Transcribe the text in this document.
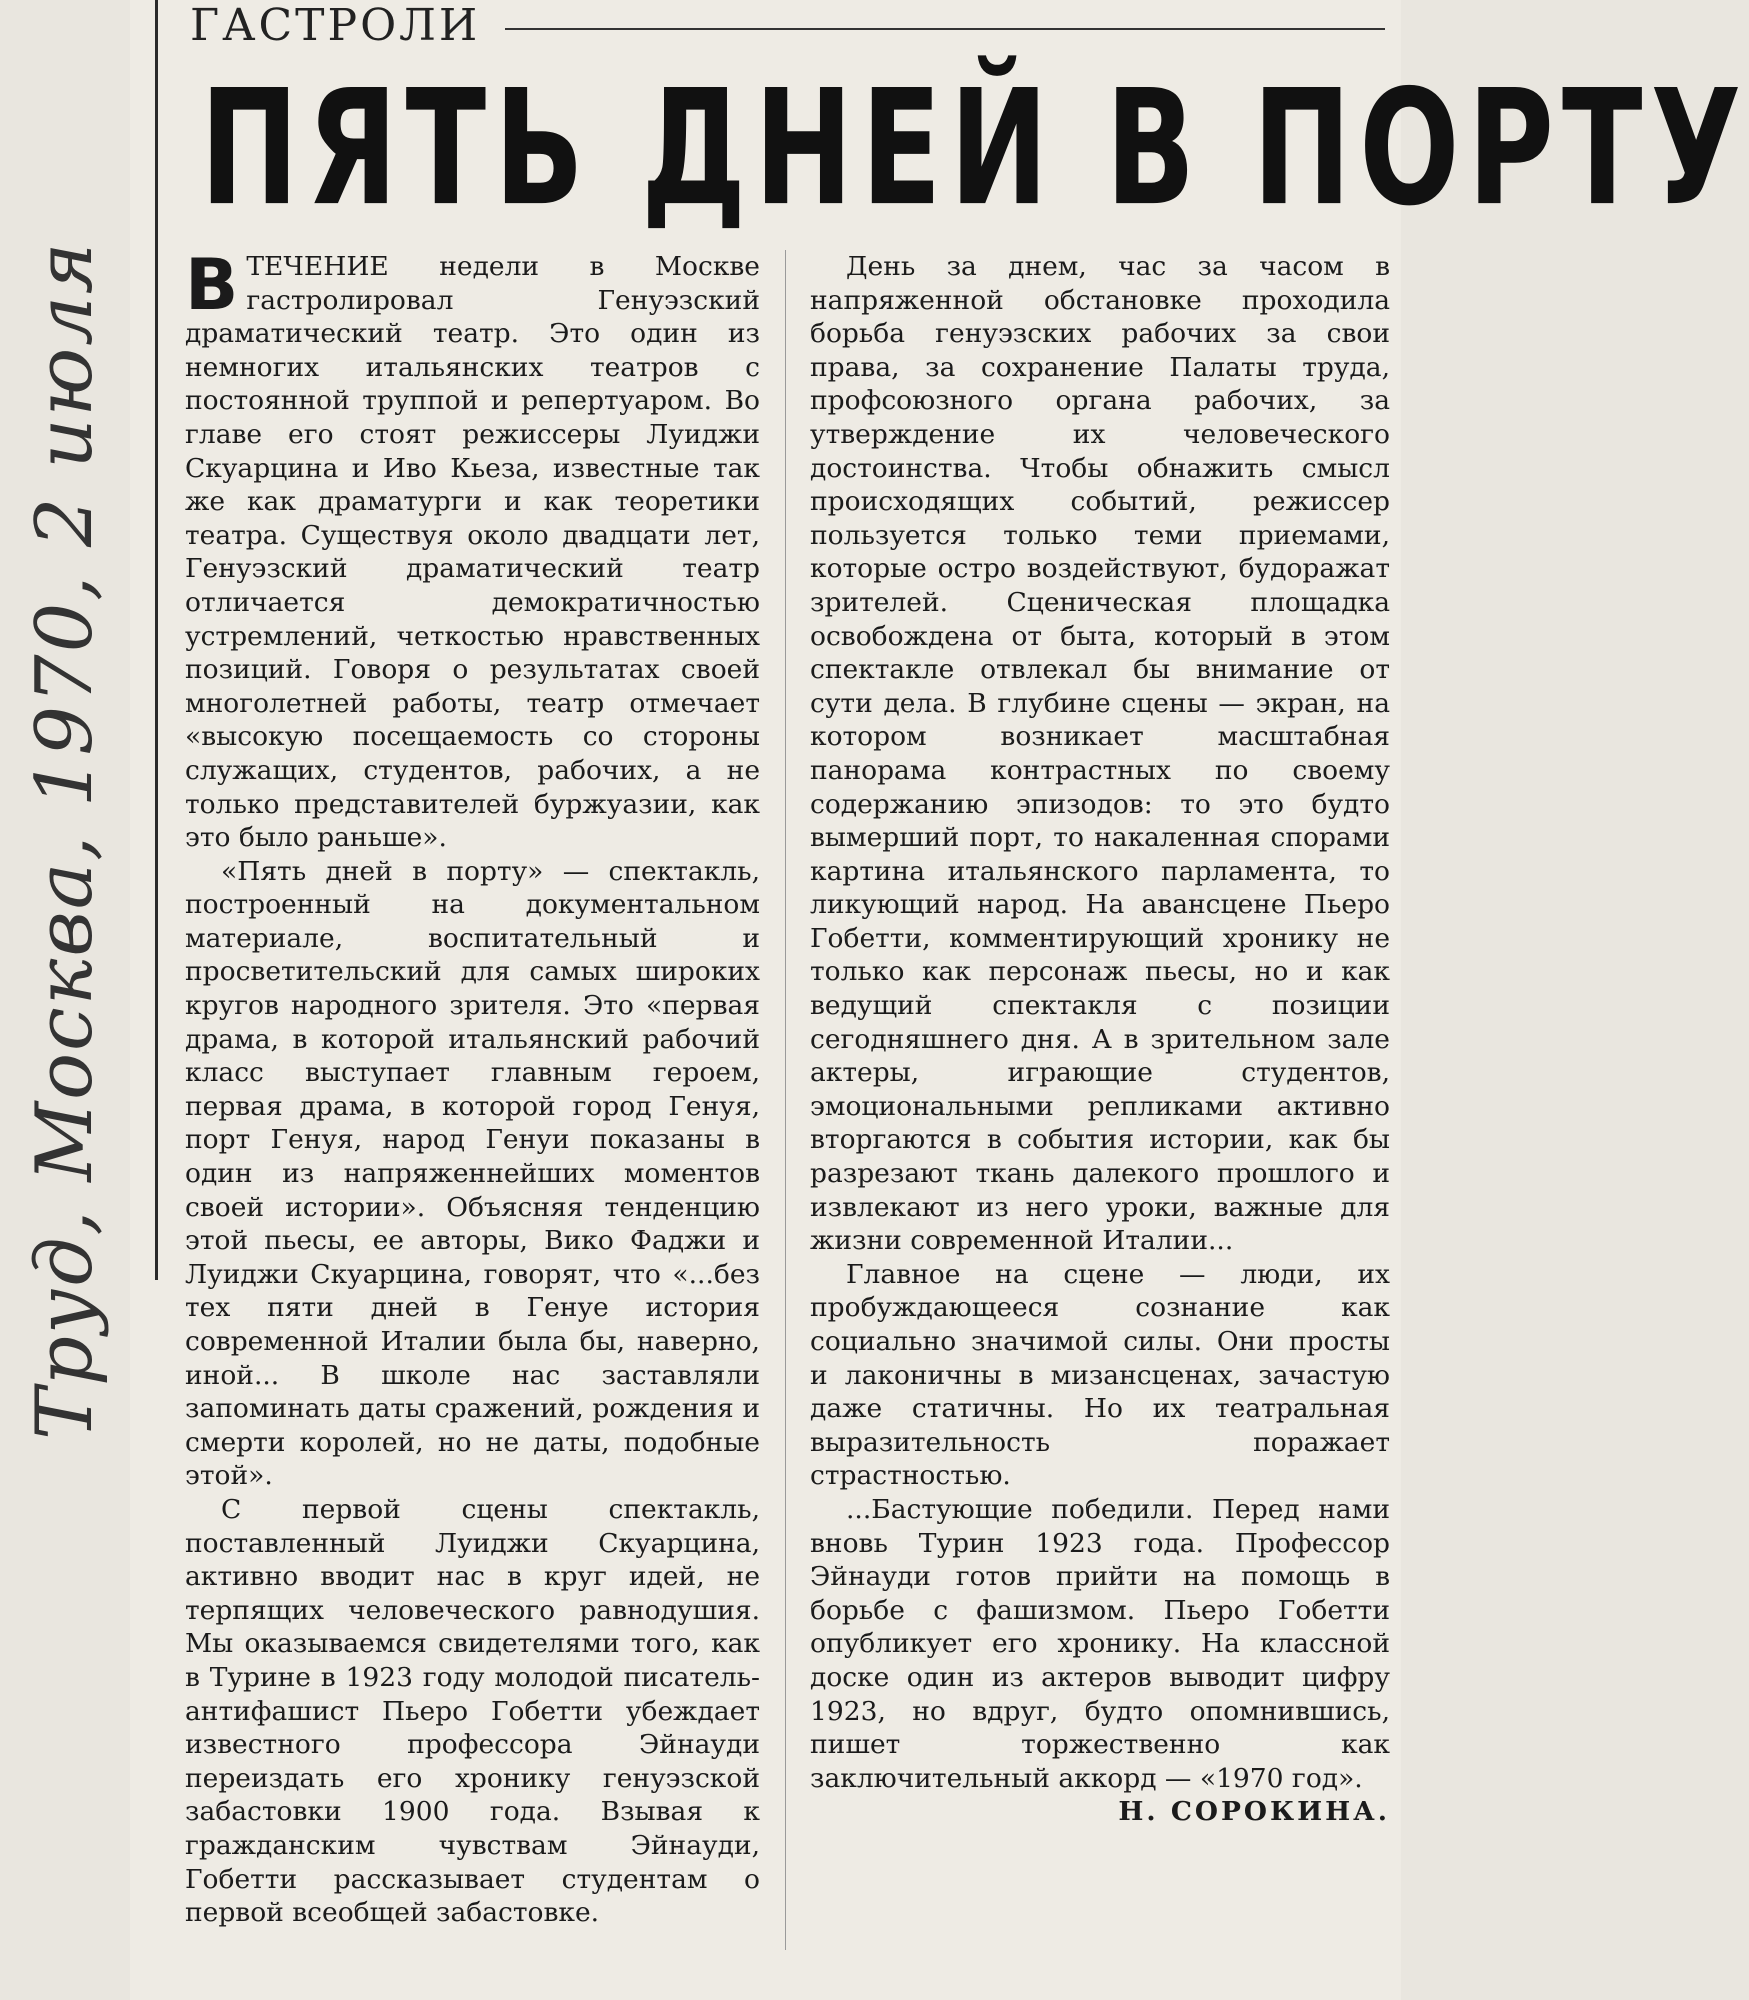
Труд, Москва, 1970, 2 июля
ГАСТРОЛИ
ПЯТЬ ДНЕЙ В ПОРТУ

ВТЕЧЕНИЕ недели в Москве гастролировал Генуэзский драматический театр. Это один из немногих итальянских театров с постоянной труппой и репертуаром. Во главе его стоят режиссеры Луиджи Скуарцина и Иво Кьеза, известные так же как драматурги и как теоретики театра. Существуя около двадцати лет, Генуэзский драматический театр отличается демократичностью устремлений, четкостью нравственных позиций. Говоря о результатах своей многолетней работы, театр отмечает «высокую посещаемость со стороны служащих, студентов, рабочих, а не только представителей буржуазии, как это было раньше».

«Пять дней в порту» — спектакль, построенный на документальном материале, воспитательный и просветительский для самых широких кругов народного зрителя. Это «первая драма, в которой итальянский рабочий класс выступает главным героем, первая драма, в которой город Генуя, порт Генуя, народ Генуи показаны в один из напряженнейших моментов своей истории». Объясняя тенденцию этой пьесы, ее авторы, Вико Фаджи и Луиджи Скуарцина, говорят, что «...без тех пяти дней в Генуе история современной Италии была бы, наверно, иной... В школе нас заставляли запоминать даты сражений, рождения и смерти королей, но не даты, подобные этой».

С первой сцены спектакль, поставленный Луиджи Скуарцина, активно вводит нас в круг идей, не терпящих человеческого равнодушия. Мы оказываемся свидетелями того, как в Турине в 1923 году молодой писатель-антифашист Пьеро Гобетти убеждает известного профессора Эйнауди переиздать его хронику генуэзской забастовки 1900 года. Взывая к гражданским чувствам Эйнауди, Гобетти рассказывает студентам о первой всеобщей забастовке.

День за днем, час за часом в напряженной обстановке проходила борьба генуэзских рабочих за свои права, за сохранение Палаты труда, профсоюзного органа рабочих, за утверждение их человеческого достоинства. Чтобы обнажить смысл происходящих событий, режиссер пользуется только теми приемами, которые остро воздействуют, будоражат зрителей. Сценическая площадка освобождена от быта, который в этом спектакле отвлекал бы внимание от сути дела. В глубине сцены — экран, на котором возникает масштабная панорама контрастных по своему содержанию эпизодов: то это будто вымерший порт, то накаленная спорами картина итальянского парламента, то ликующий народ. На авансцене Пьеро Гобетти, комментирующий хронику не только как персонаж пьесы, но и как ведущий спектакля с позиции сегодняшнего дня. А в зрительном зале актеры, играющие студентов, эмоциональными репликами активно вторгаются в события истории, как бы разрезают ткань далекого прошлого и извлекают из него уроки, важные для жизни современной Италии...

Главное на сцене — люди, их пробуждающееся сознание как социально значимой силы. Они просты и лаконичны в мизансценах, зачастую даже статичны. Но их театральная выразительность поражает страстностью.

...Бастующие победили. Перед нами вновь Турин 1923 года. Профессор Эйнауди готов прийти на помощь в борьбе с фашизмом. Пьеро Гобетти опубликует его хронику. На классной доске один из актеров выводит цифру 1923, но вдруг, будто опомнившись, пишет торжественно как заключительный аккорд — «1970 год».

Н. СОРОКИНА.
